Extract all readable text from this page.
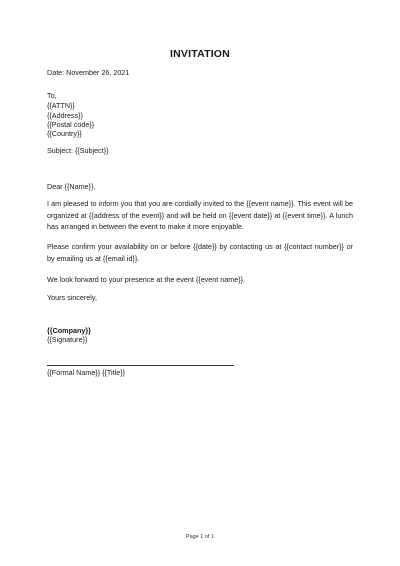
INVITATION
Date: November 26, 2021
To,
{{ATTN}}
{{Address}}
{{Postal code}}
{{Country}}
Subject: {{Subject}}
Dear {{Name}},
I am pleased to inform you that you are cordially invited to the {{event name}}. This event will be organized at {{address of the event}} and will be held on {{event date}} at {{event time}}. A lunch has arranged in between the event to make it more enjoyable.
Please confirm your availability on or before {{date}} by contacting us at {{contact number}} or by emailing us at {{email id}}.
We look forward to your presence at the event {{event name}}.
Yours sincerely,
{{Company}}
{{Signature}}
{{Formal Name}} {{Title}}
Page 1 of 1
